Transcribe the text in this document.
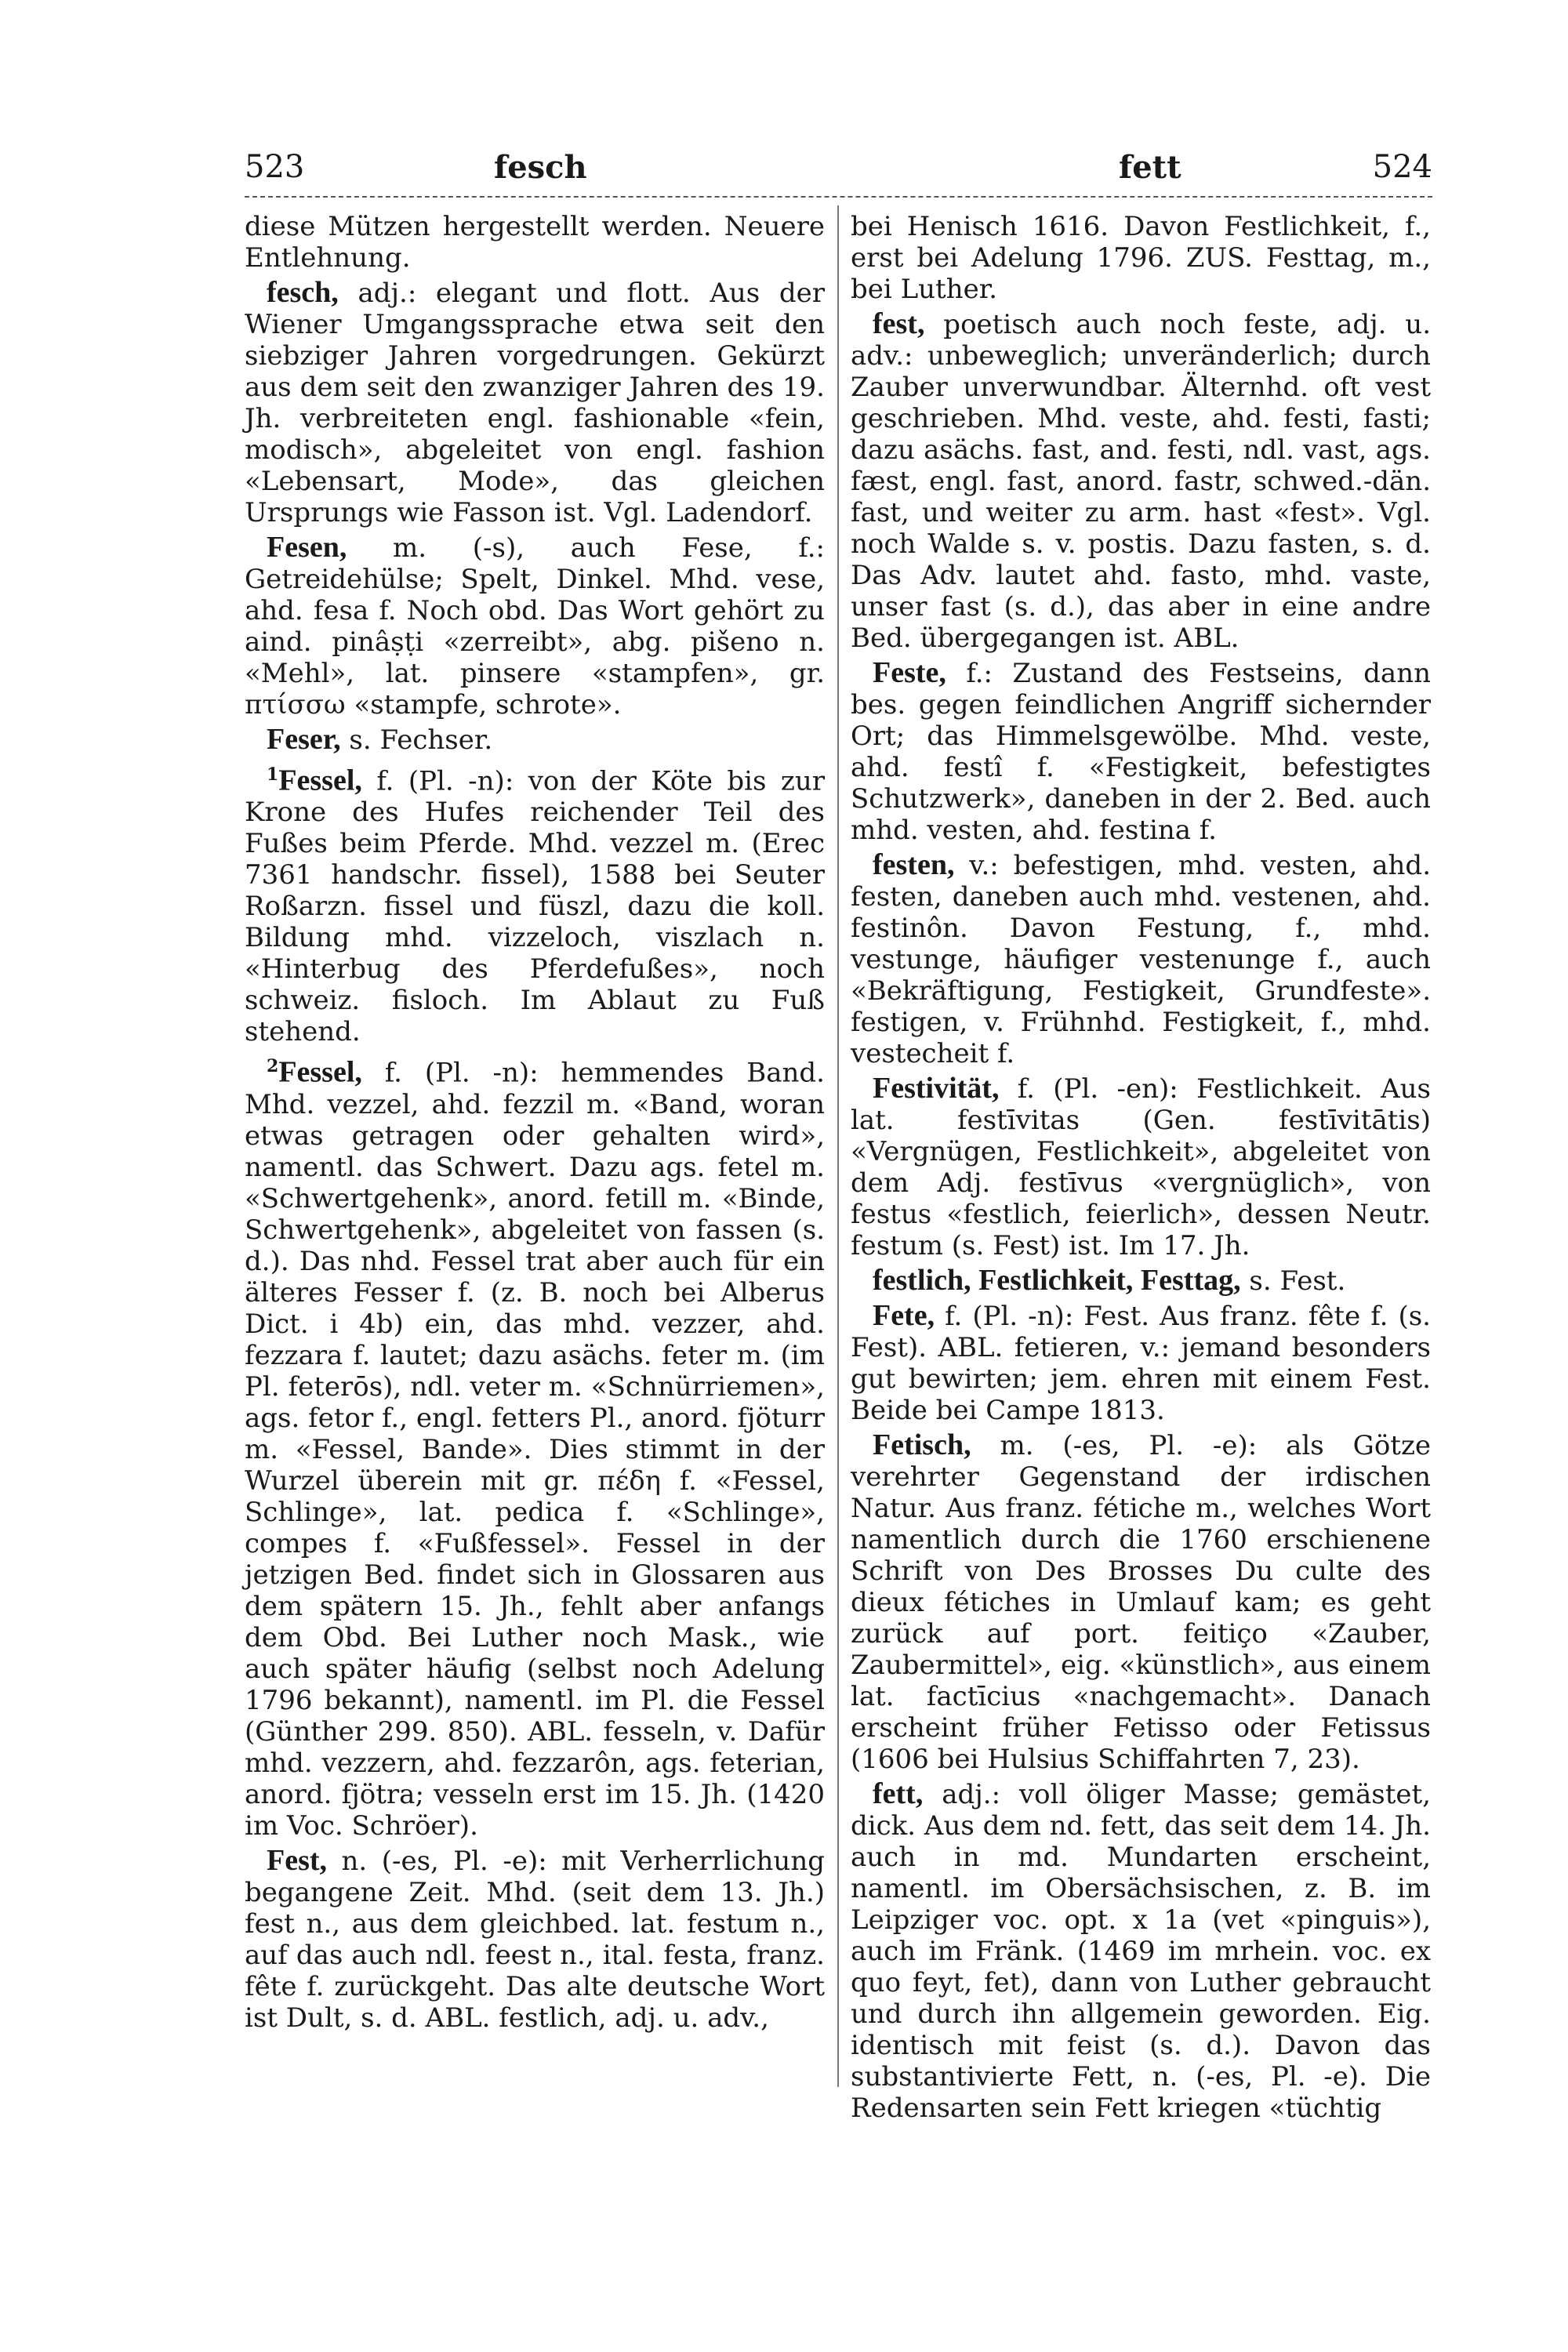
523	fesch	fett	524

diese Mützen hergestellt werden. Neuere Entlehnung.

fesch, adj.: elegant und flott. Aus der Wiener Umgangssprache etwa seit den siebziger Jahren vorgedrungen. Gekürzt aus dem seit den zwanziger Jahren des 19. Jh. verbreiteten engl. fashionable «fein, modisch», abgeleitet von engl. fashion «Lebensart, Mode», das gleichen Ursprungs wie Fasson ist. Vgl. Ladendorf.

Fesen, m. (-s), auch Fese, f.: Getreidehülse; Spelt, Dinkel. Mhd. vese, ahd. fesa f. Noch obd. Das Wort gehört zu aind. pinâṣṭi «zerreibt», abg. pišeno n. «Mehl», lat. pinsere «stampfen», gr. πτίσσω «stampfe, schrote».

Feser, s. Fechser.

$^1$Fessel, f. (Pl. -n): von der Köte bis zur Krone des Hufes reichender Teil des Fußes beim Pferde. Mhd. vezzel m. (Erec 7361 handschr. fissel), 1588 bei Seuter Roßarzn. fissel und füszl, dazu die koll. Bildung mhd. vizzeloch, viszlach n. «Hinterbug des Pferdefußes», noch schweiz. fisloch. Im Ablaut zu Fuß stehend.

$^2$Fessel, f. (Pl. -n): hemmendes Band. Mhd. vezzel, ahd. fezzil m. «Band, woran etwas getragen oder gehalten wird», namentl. das Schwert. Dazu ags. fetel m. «Schwertgehenk», anord. fetill m. «Binde, Schwertgehenk», abgeleitet von fassen (s. d.). Das nhd. Fessel trat aber auch für ein älteres Fesser f. (z. B. noch bei Alberus Dict. i 4b) ein, das mhd. vezzer, ahd. fezzara f. lautet; dazu asächs. feter m. (im Pl. feterōs), ndl. veter m. «Schnürriemen», ags. fetor f., engl. fetters Pl., anord. fjöturr m. «Fessel, Bande». Dies stimmt in der Wurzel überein mit gr. πέδη f. «Fessel, Schlinge», lat. pedica f. «Schlinge», compes f. «Fußfessel». Fessel in der jetzigen Bed. findet sich in Glossaren aus dem spätern 15. Jh., fehlt aber anfangs dem Obd. Bei Luther noch Mask., wie auch später häufig (selbst noch Adelung 1796 bekannt), namentl. im Pl. die Fessel (Günther 299. 850). ABL. fesseln, v. Dafür mhd. vezzern, ahd. fezzarôn, ags. feterian, anord. fjötra; vesseln erst im 15. Jh. (1420 im Voc. Schröer).

Fest, n. (-es, Pl. -e): mit Verherrlichung begangene Zeit. Mhd. (seit dem 13. Jh.) fest n., aus dem gleichbed. lat. festum n., auf das auch ndl. feest n., ital. festa, franz. fête f. zurückgeht. Das alte deutsche Wort ist Dult, s. d. ABL. festlich, adj. u. adv.,

bei Henisch 1616. Davon Festlichkeit, f., erst bei Adelung 1796. ZUS. Festtag, m., bei Luther.

fest, poetisch auch noch feste, adj. u. adv.: unbeweglich; unveränderlich; durch Zauber unverwundbar. Älternhd. oft vest geschrieben. Mhd. veste, ahd. festi, fasti; dazu asächs. fast, and. festi, ndl. vast, ags. fæst, engl. fast, anord. fastr, schwed.-dän. fast, und weiter zu arm. hast «fest». Vgl. noch Walde s. v. postis. Dazu fasten, s. d. Das Adv. lautet ahd. fasto, mhd. vaste, unser fast (s. d.), das aber in eine andre Bed. übergegangen ist. ABL.

Feste, f.: Zustand des Festseins, dann bes. gegen feindlichen Angriff sichernder Ort; das Himmelsgewölbe. Mhd. veste, ahd. festî f. «Festigkeit, befestigtes Schutzwerk», daneben in der 2. Bed. auch mhd. vesten, ahd. festina f.

festen, v.: befestigen, mhd. vesten, ahd. festen, daneben auch mhd. vestenen, ahd. festinôn. Davon Festung, f., mhd. vestunge, häufiger vestenunge f., auch «Bekräftigung, Festigkeit, Grundfeste». festigen, v. Frühnhd. Festigkeit, f., mhd. vestecheit f.

Festivität, f. (Pl. -en): Festlichkeit. Aus lat. festīvitas (Gen. festīvitātis) «Vergnügen, Festlichkeit», abgeleitet von dem Adj. festīvus «vergnüglich», von festus «festlich, feierlich», dessen Neutr. festum (s. Fest) ist. Im 17. Jh.

festlich, Festlichkeit, Festtag, s. Fest.

Fete, f. (Pl. -n): Fest. Aus franz. fête f. (s. Fest). ABL. fetieren, v.: jemand besonders gut bewirten; jem. ehren mit einem Fest. Beide bei Campe 1813.

Fetisch, m. (-es, Pl. -e): als Götze verehrter Gegenstand der irdischen Natur. Aus franz. fétiche m., welches Wort namentlich durch die 1760 erschienene Schrift von Des Brosses Du culte des dieux fétiches in Umlauf kam; es geht zurück auf port. feitiço «Zauber, Zaubermittel», eig. «künstlich», aus einem lat. factīcius «nachgemacht». Danach erscheint früher Fetisso oder Fetissus (1606 bei Hulsius Schiffahrten 7, 23).

fett, adj.: voll öliger Masse; gemästet, dick. Aus dem nd. fett, das seit dem 14. Jh. auch in md. Mundarten erscheint, namentl. im Obersächsischen, z. B. im Leipziger voc. opt. x 1a (vet «pinguis»), auch im Fränk. (1469 im mrhein. voc. ex quo feyt, fet), dann von Luther gebraucht und durch ihn allgemein geworden. Eig. identisch mit feist (s. d.). Davon das substantivierte Fett, n. (-es, Pl. -e). Die Redensarten sein Fett kriegen «tüchtig
